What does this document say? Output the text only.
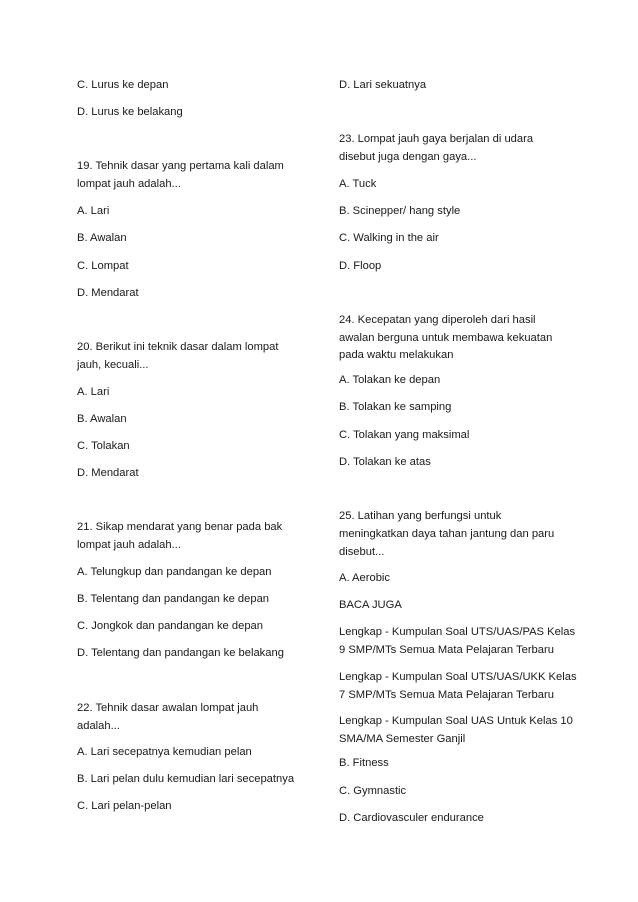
C. Lurus ke depan
D. Lurus ke belakang
19. Tehnik dasar yang pertama kali dalam
lompat jauh adalah...
A. Lari
B. Awalan
C. Lompat
D. Mendarat
20. Berikut ini teknik dasar dalam lompat
jauh, kecuali...
A. Lari
B. Awalan
C. Tolakan
D. Mendarat
21. Sikap mendarat yang benar pada bak
lompat jauh adalah...
A. Telungkup dan pandangan ke depan
B. Telentang dan pandangan ke depan
C. Jongkok dan pandangan ke depan
D. Telentang dan pandangan ke belakang
22. Tehnik dasar awalan lompat jauh
adalah...
A. Lari secepatnya kemudian pelan
B. Lari pelan dulu kemudian lari secepatnya
C. Lari pelan-pelan
D. Lari sekuatnya
23. Lompat jauh gaya berjalan di udara
disebut juga dengan gaya...
A. Tuck
B. Scinepper/ hang style
C. Walking in the air
D. Floop
24. Kecepatan yang diperoleh dari hasil
awalan berguna untuk membawa kekuatan
pada waktu melakukan
A. Tolakan ke depan
B. Tolakan ke samping
C. Tolakan yang maksimal
D. Tolakan ke atas
25. Latihan yang berfungsi untuk
meningkatkan daya tahan jantung dan paru
disebut...
A. Aerobic
BACA JUGA
Lengkap - Kumpulan Soal UTS/UAS/PAS Kelas
9 SMP/MTs Semua Mata Pelajaran Terbaru
Lengkap - Kumpulan Soal UTS/UAS/UKK Kelas
7 SMP/MTs Semua Mata Pelajaran Terbaru
Lengkap - Kumpulan Soal UAS Untuk Kelas 10
SMA/MA Semester Ganjil
B. Fitness
C. Gymnastic
D. Cardiovasculer endurance
